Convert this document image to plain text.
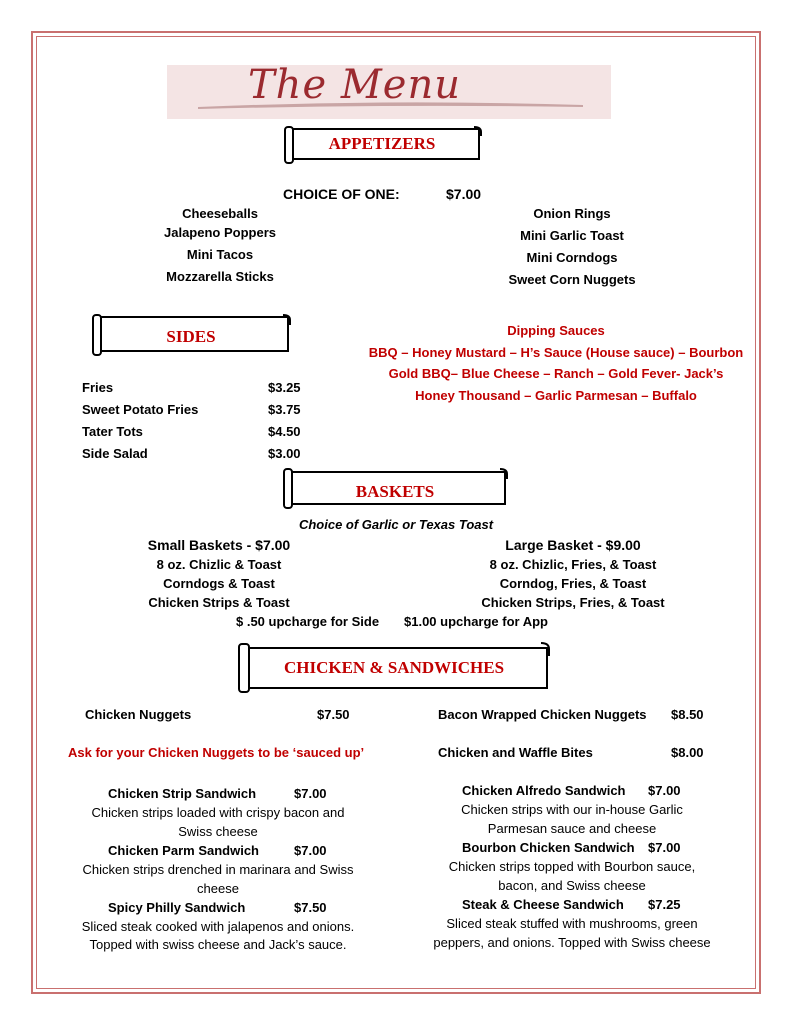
The Menu
APPETIZERS
SIDES
BASKETS
CHICKEN & SANDWICHES
CHOICE OF ONE:	$7.00
Cheeseballs
Jalapeno Poppers
Mini Tacos
Mozzarella Sticks
Onion Rings
Mini Garlic Toast
Mini Corndogs
Sweet Corn Nuggets
Fries	$3.25
Sweet Potato Fries	$3.75
Tater Tots	$4.50
Side Salad	$3.00
Dipping Sauces
BBQ – Honey Mustard – H’s Sauce (House sauce) – Bourbon
Gold BBQ– Blue Cheese – Ranch – Gold Fever- Jack’s
Honey Thousand – Garlic Parmesan – Buffalo
Choice of Garlic or Texas Toast
Small Baskets - $7.00
8 oz. Chizlic & Toast
Corndogs & Toast
Chicken Strips & Toast
Large Basket - $9.00
8 oz. Chizlic, Fries, & Toast
Corndog, Fries, & Toast
Chicken Strips, Fries, & Toast
$ .50 upcharge for Side $1.00 upcharge for App
Chicken Nuggets	$7.50	Bacon Wrapped Chicken Nuggets $8.50
Ask for your Chicken Nuggets to be ‘sauced up’	Chicken and Waffle Bites	$8.00
Chicken Strip Sandwich	$7.00
Chicken strips loaded with crispy bacon and
Swiss cheese
Chicken Parm Sandwich	$7.00
Chicken strips drenched in marinara and Swiss
cheese
Spicy Philly Sandwich	$7.50
Sliced steak cooked with jalapenos and onions.
Topped with swiss cheese and Jack’s sauce.
Chicken Alfredo Sandwich $7.00
Chicken strips with our in-house Garlic
Parmesan sauce and cheese
Bourbon Chicken Sandwich $7.00
Chicken strips topped with Bourbon sauce,
bacon, and Swiss cheese
Steak & Cheese Sandwich $7.25
Sliced steak stuffed with mushrooms, green
peppers, and onions. Topped with Swiss cheese
